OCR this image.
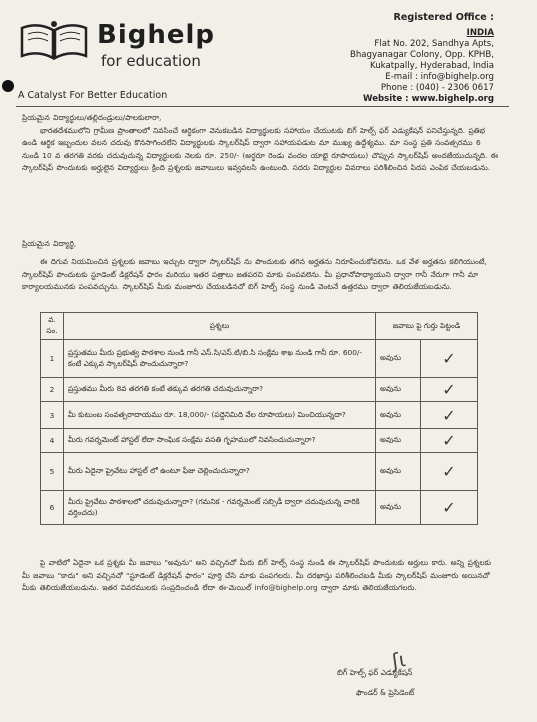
Bighelp
for education
A Catalyst For Better Education
Registered Office :
INDIA
Flat No. 202, Sandhya Apts,
Bhagyanagar Colony, Opp. KPHB,
Kukatpally, Hyderabad, India
E-mail : info@bighelp.org
Phone : (040) - 2306 0617
Website : www.bighelp.org
ప్రియమైన విద్యార్థులు/తల్లిదండ్రులు/పాలకులారా,
భారతదేశములోని గ్రామీణ ప్రాంతాలలో నివసించే ఆర్థికంగా వెనుకబడిన విద్యార్థులకు సహాయం చేయుటకు బిగ్ హెల్ప్ ఫర్ ఎడ్యుకేషన్ పనిచేస్తున్నది. ప్రతిభ ఉండి ఆర్థిక ఇబ్బందుల వలన చదువు కొనసాగించలేని విద్యార్థులకు స్కాలర్‌షిప్ ద్వారా సహాయపడుట మా ముఖ్య ఉద్దేశ్యము. మా సంస్థ ప్రతి సంవత్సరము 6 నుండి 10 వ తరగతి వరకు చదువుచున్న విద్యార్థులకు నెలకు రూ. 250/- (అర్థరూ రెండు వందల యాభై రూపాయలు) చొప్పున స్కాలర్‌షిప్ అందజేయుచున్నది. ఈ స్కాలర్‌షిప్ పొందుటకు అర్హులైన విద్యార్థులు క్రింది ప్రశ్నలకు జవాబులు ఇవ్వవలసి ఉంటుంది. సదరు విద్యార్థుల వివరాలు పరిశీలించిన పిదప ఎంపిక చేయబడును.
ప్రియమైన విద్యార్థి,
ఈ దిగువ నియమించిన ప్రశ్నలకు జవాబు ఇచ్చుట ద్వారా స్కాలర్‌షిప్ ను పొందుటకు తగిన అర్హతను నిరూపించుకోవలెను. ఒక వేళ అర్హతను కలిగియుంటే, స్కాలర్‌షిప్ పొందుటకు స్టూడెంట్ డిక్లరేషన్ ఫారం మరియు ఇతర పత్రాలు జతపరచి మాకు పంపవలెను. మీ ప్రధానోపాధ్యాయుని ద్వారా గానీ నేరుగా గానీ మా కార్యాలయమునకు పంపవచ్చును. స్కాలర్‌షిప్ మీకు మంజూరు చేయబడినచో బిగ్ హెల్ప్ సంస్థ నుండి వెంటనే ఉత్తరము ద్వారా తెలియజేయబడును.
వ. సం.	ప్రశ్నలు	జవాబు పై గుర్తు పెట్టండి	
1	ప్రస్తుతము మీరు ప్రభుత్వ పాఠశాల నుండి గానీ ఎస్.సి/ఎస్.టి/బి.సి సంక్షేమ శాఖ నుండి గానీ రూ. 600/- కంటే ఎక్కువ స్కాలర్‌షిప్ పొందుచున్నారా?	అవును	✓
2	ప్రస్తుతము మీరు 8వ తరగతి కంటే తక్కువ తరగతి చదువుచున్నారా?	అవును	✓
3	మీ కుటుంబ సంవత్సరాదాయము రూ. 18,000/- (పద్దెనిమిది వేల రూపాయలు) మించియున్నదా?	అవును	✓
4	మీరు గవర్నమెంట్ హాస్టల్ లేదా సాంఘిక సంక్షేమ వసతి గృహములో నివసించుచున్నారా?	అవును	✓
5	మీరు ఏదైనా ప్రైవేటు హాస్టల్ లో ఉంటూ ఫీజు చెల్లించుచున్నారా?	అవును	✓
6	మీరు ప్రైవేటు పాఠశాలలో చదువుచున్నారా? (గమనిక - గవర్నమెంట్ సబ్సిడీ ద్వారా చదువుచున్న వారికి వర్తించదు)	అవును	✓
పై వాటిలో ఏదైనా ఒక ప్రశ్నకు మీ జవాబు "అవును" అని వచ్చినచో మీరు బిగ్ హెల్ప్ సంస్థ నుండి ఈ స్కాలర్‌షిప్ పొందుటకు అర్హులు కారు. అన్ని ప్రశ్నలకు మీ జవాబు "కాదు" అని వచ్చినచో "స్టూడెంట్ డిక్లరేషన్ ఫారం" పూర్తి చేసి మాకు పంపగలరు. మీ దరఖాస్తు పరిశీలించబడి మీకు స్కాలర్‌షిప్ మంజూరు అయినచో మీకు తెలియజేయబడును. ఇతర వివరములకు సంప్రదించండి లేదా ఈ-మెయిల్ info@bighelp.org ద్వారా మాకు తెలియజేయగలరు.
ʃɩ
బిగ్ హెల్ప్ ఫర్ ఎడ్యుకేషన్
ఫౌండర్ & ప్రెసిడెంట్
